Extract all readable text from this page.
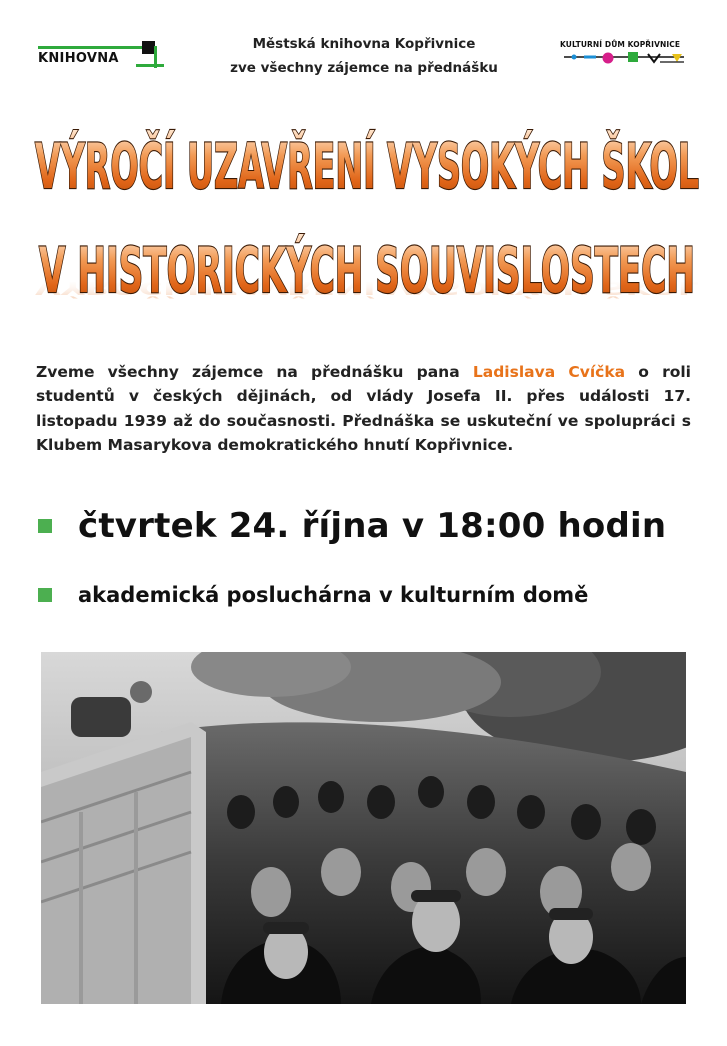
KNIHOVNA
Městská knihovna Kopřivnice
zve všechny zájemce na přednášku
KULTURNÍ DŮM KOPŘIVNICE
VÝROČÍ UZAVŘENÍ VYSOKÝCH ŠKOL
VÝROČÍ UZAVŘENÍ VYSOKÝCH ŠKOL
V HISTORICKÝCH SOUVISLOSTECH

Zveme všechny zájemce na přednášku pana Ladislava Cvíčka o roli studentů v českých dějinách, od vlády Josefa II. přes události 17. listopadu 1939 až do současnosti. Přednáška se uskuteční ve spolupráci s Klubem Masarykova demokratického hnutí Kopřivnice.

čtvrtek 24. října v 18:00 hodin
akademická posluchárna v kulturním domě
